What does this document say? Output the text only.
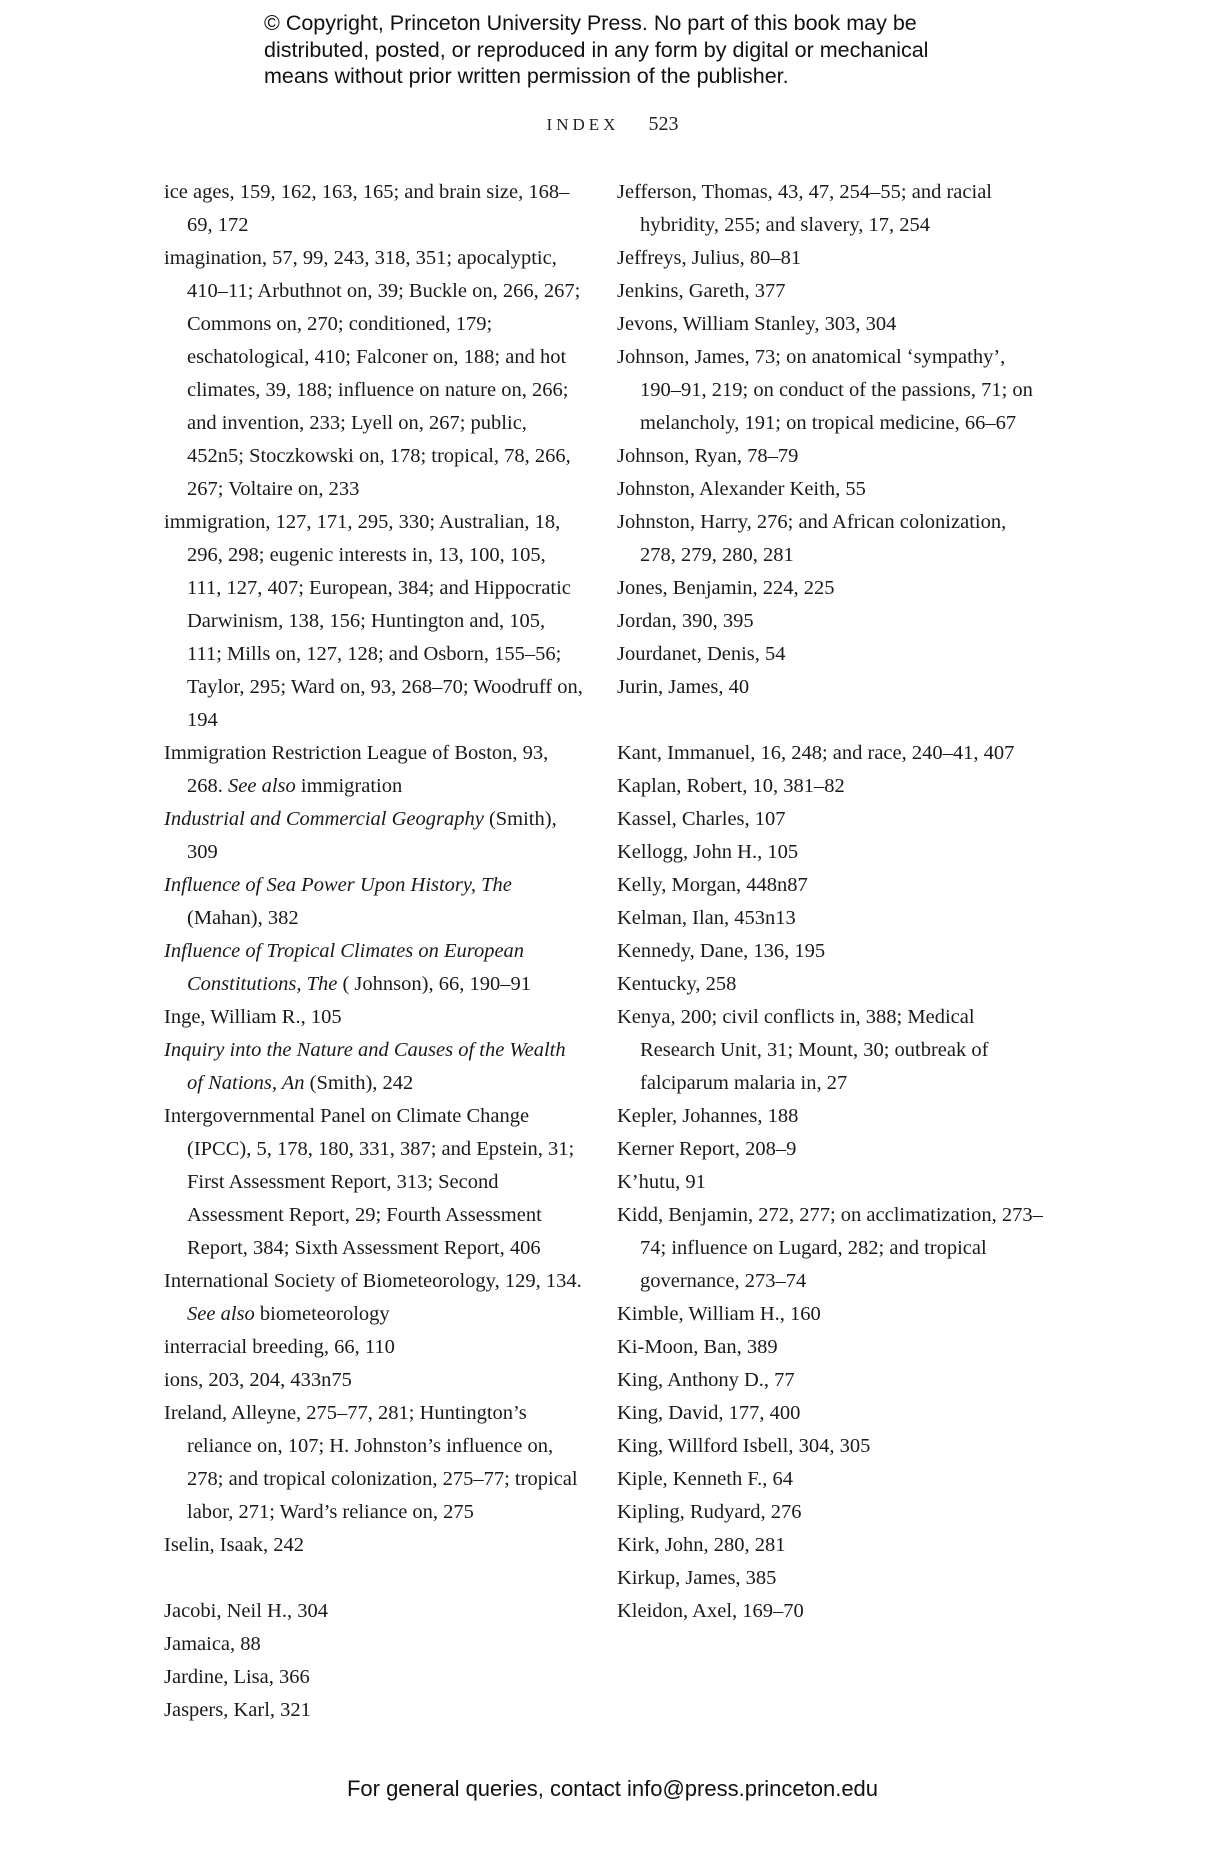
© Copyright, Princeton University Press. No part of this book may be
distributed, posted, or reproduced in any form by digital or mechanical
means without prior written permission of the publisher.
INDEX 523

ice ages, 159, 162, 163, 165; and brain size, 168–69, 172

imagination, 57, 99, 243, 318, 351; apocalyptic, 410–11; Arbuthnot on, 39; Buckle on, 266, 267; Commons on, 270; conditioned, 179; eschatological, 410; Falconer on, 188; and hot climates, 39, 188; influence on nature on, 266; and invention, 233; Lyell on, 267; public, 452n5; Stoczkowski on, 178; tropical, 78, 266, 267; Voltaire on, 233

immigration, 127, 171, 295, 330; Australian, 18, 296, 298; eugenic interests in, 13, 100, 105, 111, 127, 407; European, 384; and Hippocratic Darwinism, 138, 156; Huntington and, 105, 111; Mills on, 127, 128; and Osborn, 155–56; Taylor, 295; Ward on, 93, 268–70; Woodruff on, 194

Immigration Restriction League of Boston, 93, 268. See also immigration

Industrial and Commercial Geography (Smith), 309

Influence of Sea Power Upon History, The (Mahan), 382

Influence of Tropical Climates on European Constitutions, The ( Johnson), 66, 190–91

Inge, William R., 105

Inquiry into the Nature and Causes of the Wealth of Nations, An (Smith), 242

Intergovernmental Panel on Climate Change (IPCC), 5, 178, 180, 331, 387; and Epstein, 31; First Assessment Report, 313; Second Assessment Report, 29; Fourth Assessment Report, 384; Sixth Assessment Report, 406

International Society of Biometeorology, 129, 134. See also biometeorology

interracial breeding, 66, 110

ions, 203, 204, 433n75

Ireland, Alleyne, 275–77, 281; Huntington’s reliance on, 107; H. Johnston’s influence on, 278; and tropical colonization, 275–77; tropical labor, 271; Ward’s reliance on, 275

Iselin, Isaak, 242

Jacobi, Neil H., 304

Jamaica, 88

Jardine, Lisa, 366

Jaspers, Karl, 321

Jefferson, Thomas, 43, 47, 254–55; and racial hybridity, 255; and slavery, 17, 254

Jeffreys, Julius, 80–81

Jenkins, Gareth, 377

Jevons, William Stanley, 303, 304

Johnson, James, 73; on anatomical ‘sympathy’, 190–91, 219; on conduct of the passions, 71; on melancholy, 191; on tropical medicine, 66–67

Johnson, Ryan, 78–79

Johnston, Alexander Keith, 55

Johnston, Harry, 276; and African colonization, 278, 279, 280, 281

Jones, Benjamin, 224, 225

Jordan, 390, 395

Jourdanet, Denis, 54

Jurin, James, 40

Kant, Immanuel, 16, 248; and race, 240–41, 407

Kaplan, Robert, 10, 381–82

Kassel, Charles, 107

Kellogg, John H., 105

Kelly, Morgan, 448n87

Kelman, Ilan, 453n13

Kennedy, Dane, 136, 195

Kentucky, 258

Kenya, 200; civil conflicts in, 388; Medical Research Unit, 31; Mount, 30; outbreak of falciparum malaria in, 27

Kepler, Johannes, 188

Kerner Report, 208–9

K’hutu, 91

Kidd, Benjamin, 272, 277; on acclimatization, 273–74; influence on Lugard, 282; and tropical governance, 273–74

Kimble, William H., 160

Ki-Moon, Ban, 389

King, Anthony D., 77

King, David, 177, 400

King, Willford Isbell, 304, 305

Kiple, Kenneth F., 64

Kipling, Rudyard, 276

Kirk, John, 280, 281

Kirkup, James, 385

Kleidon, Axel, 169–70

For general queries, contact info@press.princeton.edu
